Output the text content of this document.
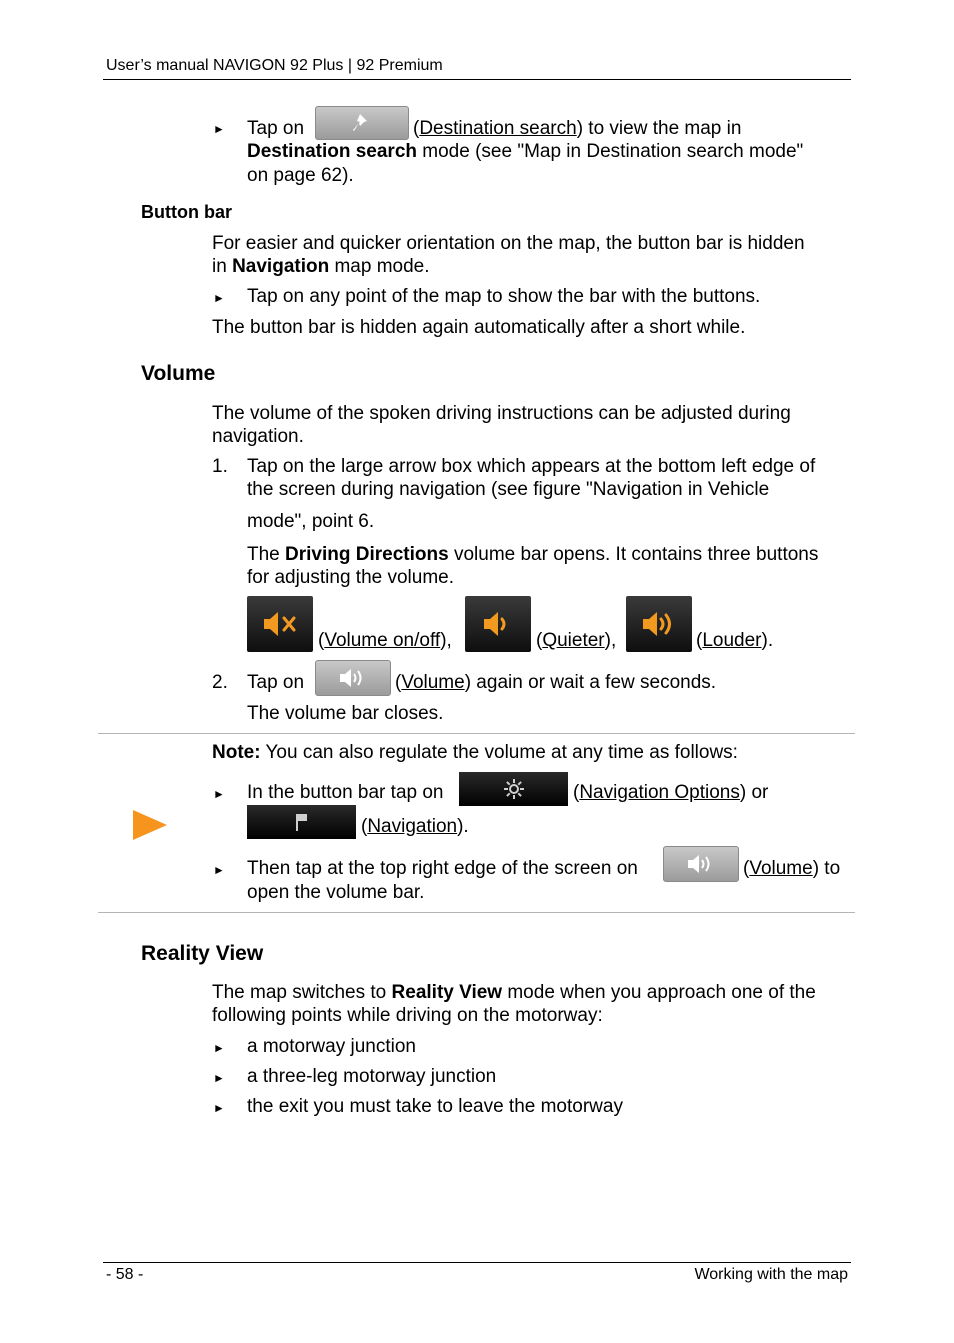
User’s manual NAVIGON 92 Plus | 92 Premium
► Tap on	(Destination search) to view the map in
Destination search mode (see "Map in Destination search mode"
on page 62).
Button bar
For easier and quicker orientation on the map, the button bar is hidden
in Navigation map mode.
► Tap on any point of the map to show the bar with the buttons.
The button bar is hidden again automatically after a short while.
Volume
The volume of the spoken driving instructions can be adjusted during
navigation.
1. Tap on the large arrow box which appears at the bottom left edge of
the screen during navigation (see figure "Navigation in Vehicle
mode", point 6.
The Driving Directions volume bar opens. It contains three buttons
for adjusting the volume.
(Volume on/off),	(Quieter),	(Louder).
2. Tap on	(Volume) again or wait a few seconds.
The volume bar closes.
Note: You can also regulate the volume at any time as follows:
► In the button bar tap on	(Navigation Options) or
(Navigation).
► Then tap at the top right edge of the screen on	(Volume) to
open the volume bar.
Reality View
The map switches to Reality View mode when you approach one of the
following points while driving on the motorway:
► a motorway junction
► a three-leg motorway junction
► the exit you must take to leave the motorway
- 58 -	Working with the map
